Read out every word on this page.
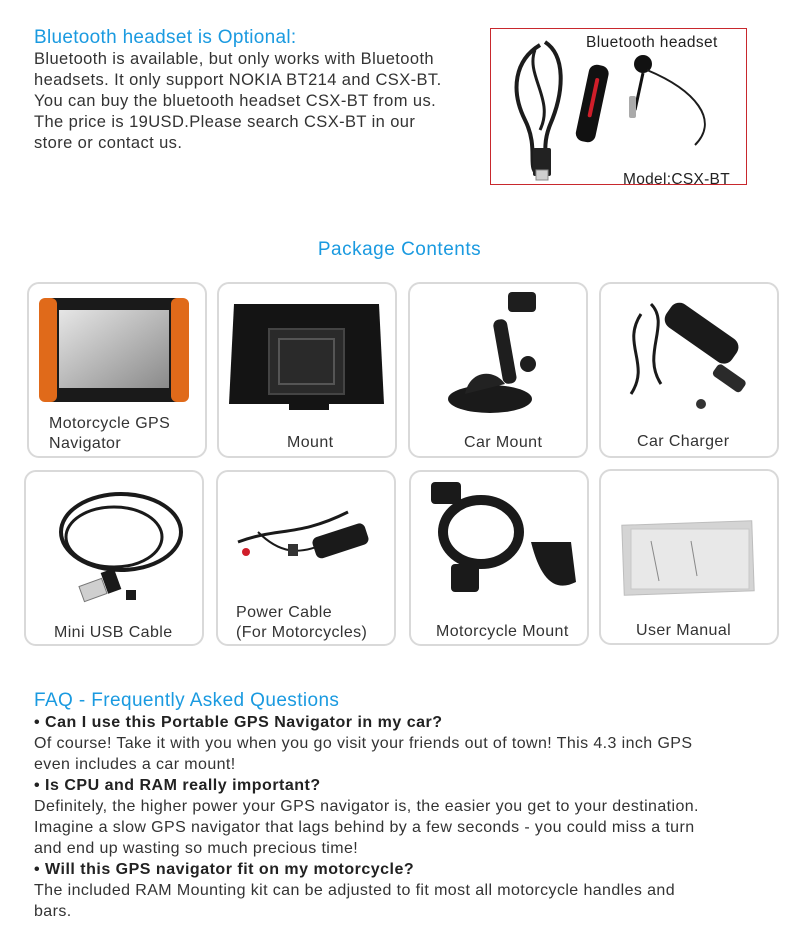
Bluetooth headset is Optional:
Bluetooth is available, but only works with Bluetooth
headsets. It only support NOKIA BT214 and CSX-BT.
You can buy the bluetooth headset CSX-BT from us.
The price is 19USD.Please search CSX-BT in our
store or contact us.
Bluetooth headset
Model:CSX-BT
Package Contents
Motorcycle GPS
Navigator	Mount	Car Mount	Car Charger
Mini USB Cable
Power Cable
(For Motorcycles)	Motorcycle Mount	User Manual
FAQ - Frequently Asked Questions
• Can I use this Portable GPS Navigator in my car?
Of course! Take it with you when you go visit your friends out of town! This 4.3 inch GPS
even includes a car mount!
• Is CPU and RAM really important?
Definitely, the higher power your GPS navigator is, the easier you get to your destination.
Imagine a slow GPS navigator that lags behind by a few seconds - you could miss a turn
and end up wasting so much precious time!
• Will this GPS navigator fit on my motorcycle?
The included RAM Mounting kit can be adjusted to fit most all motorcycle handles and
bars.
